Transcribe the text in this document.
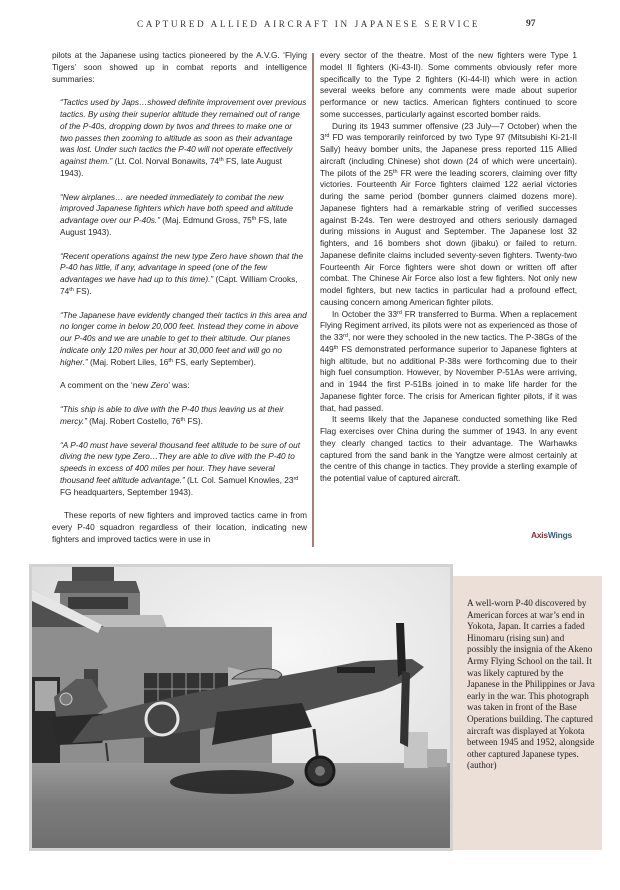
CAPTURED ALLIED AIRCRAFT IN JAPANESE SERVICE	97

pilots at the Japanese using tactics pioneered by the A.V.G. ‘Flying Tigers’ soon showed up in combat reports and intelligence summaries:

“Tactics used by Japs…showed definite improvement over previous tactics. By using their superior altitude they remained out of range of the P-40s, dropping down by twos and threes to make one or two passes then zooming to altitude as soon as their advantage was lost. Under such tactics the P-40 will not operate effectively against them.” (Lt. Col. Norval Bonawits, 74th FS, late August 1943).

“New airplanes… are needed immediately to combat the new improved Japanese fighters which have both speed and altitude advantage over our P-40s.” (Maj. Edmund Gross, 75th FS, late August 1943).

“Recent operations against the new type Zero have shown that the P-40 has little, if any, advantage in speed (one of the few advantages we have had up to this time).” (Capt. William Crooks, 74th FS).

“The Japanese have evidently changed their tactics in this area and no longer come in below 20,000 feet. Instead they come in above our P-40s and we are unable to get to their altitude. Our planes indicate only 120 miles per hour at 30,000 feet and will go no higher.” (Maj. Robert Liles, 16th FS, early September).

A comment on the ‘new Zero’ was:

“This ship is able to dive with the P-40 thus leaving us at their mercy.” (Maj. Robert Costello, 76th FS).

“A P-40 must have several thousand feet altitude to be sure of out diving the new type Zero…They are able to dive with the P-40 to speeds in excess of 400 miles per hour. They have several thousand feet altitude advantage.” (Lt. Col. Samuel Knowles, 23rd FG headquarters, September 1943).

These reports of new fighters and improved tactics came in from every P-40 squadron regardless of their location, indicating new fighters and improved tactics were in use in

every sector of the theatre. Most of the new fighters were Type 1 model II fighters (Ki-43-II). Some comments obviously refer more specifically to the Type 2 fighters (Ki-44-II) which were in action several weeks before any comments were made about superior performance or new tactics. American fighters continued to score some successes, particularly against escorted bomber raids.

During its 1943 summer offensive (23 July—7 October) when the 3rd FD was temporarily reinforced by two Type 97 (Mitsubishi Ki-21-II Sally) heavy bomber units, the Japanese press reported 115 Allied aircraft (including Chinese) shot down (24 of which were uncertain). The pilots of the 25th FR were the leading scorers, claiming over fifty victories. Fourteenth Air Force fighters claimed 122 aerial victories during the same period (bomber gunners claimed dozens more). Japanese fighters had a remarkable string of verified successes against B-24s. Ten were destroyed and others seriously damaged during missions in August and September. The Japanese lost 32 fighters, and 16 bombers shot down (jibaku) or failed to return. Japanese definite claims included seventy-seven fighters. Twenty-two Fourteenth Air Force fighters were shot down or written off after combat. The Chinese Air Force also lost a few fighters. Not only new model fighters, but new tactics in particular had a profound effect, causing concern among American fighter pilots.

In October the 33rd FR transferred to Burma. When a replacement Flying Regiment arrived, its pilots were not as experienced as those of the 33rd, nor were they schooled in the new tactics. The P-38Gs of the 449th FS demonstrated performance superior to Japanese fighters at high altitude, but no additional P-38s were forthcoming due to their high fuel consumption. However, by November P-51As were arriving, and in 1944 the first P-51Bs joined in to make life harder for the Japanese fighter force. The crisis for American fighter pilots, if it was that, had passed.

It seems likely that the Japanese conducted something like Red Flag exercises over China during the summer of 1943. In any event they clearly changed tactics to their advantage. The Warhawks captured from the sand bank in the Yangtze were almost certainly at the centre of this change in tactics. They provide a sterling example of the potential value of captured aircraft.

AxisWings

A well-worn P-40 discovered by American forces at war’s end in Yokota, Japan. It carries a faded Hinomaru (rising sun) and possibly the insignia of the Akeno Army Flying School on the tail. It was likely captured by the Japanese in the Philippines or Java early in the war. This photograph was taken in front of the Base Operations building. The captured aircraft was displayed at Yokota between 1945 and 1952, alongside other captured Japanese types. (author)
